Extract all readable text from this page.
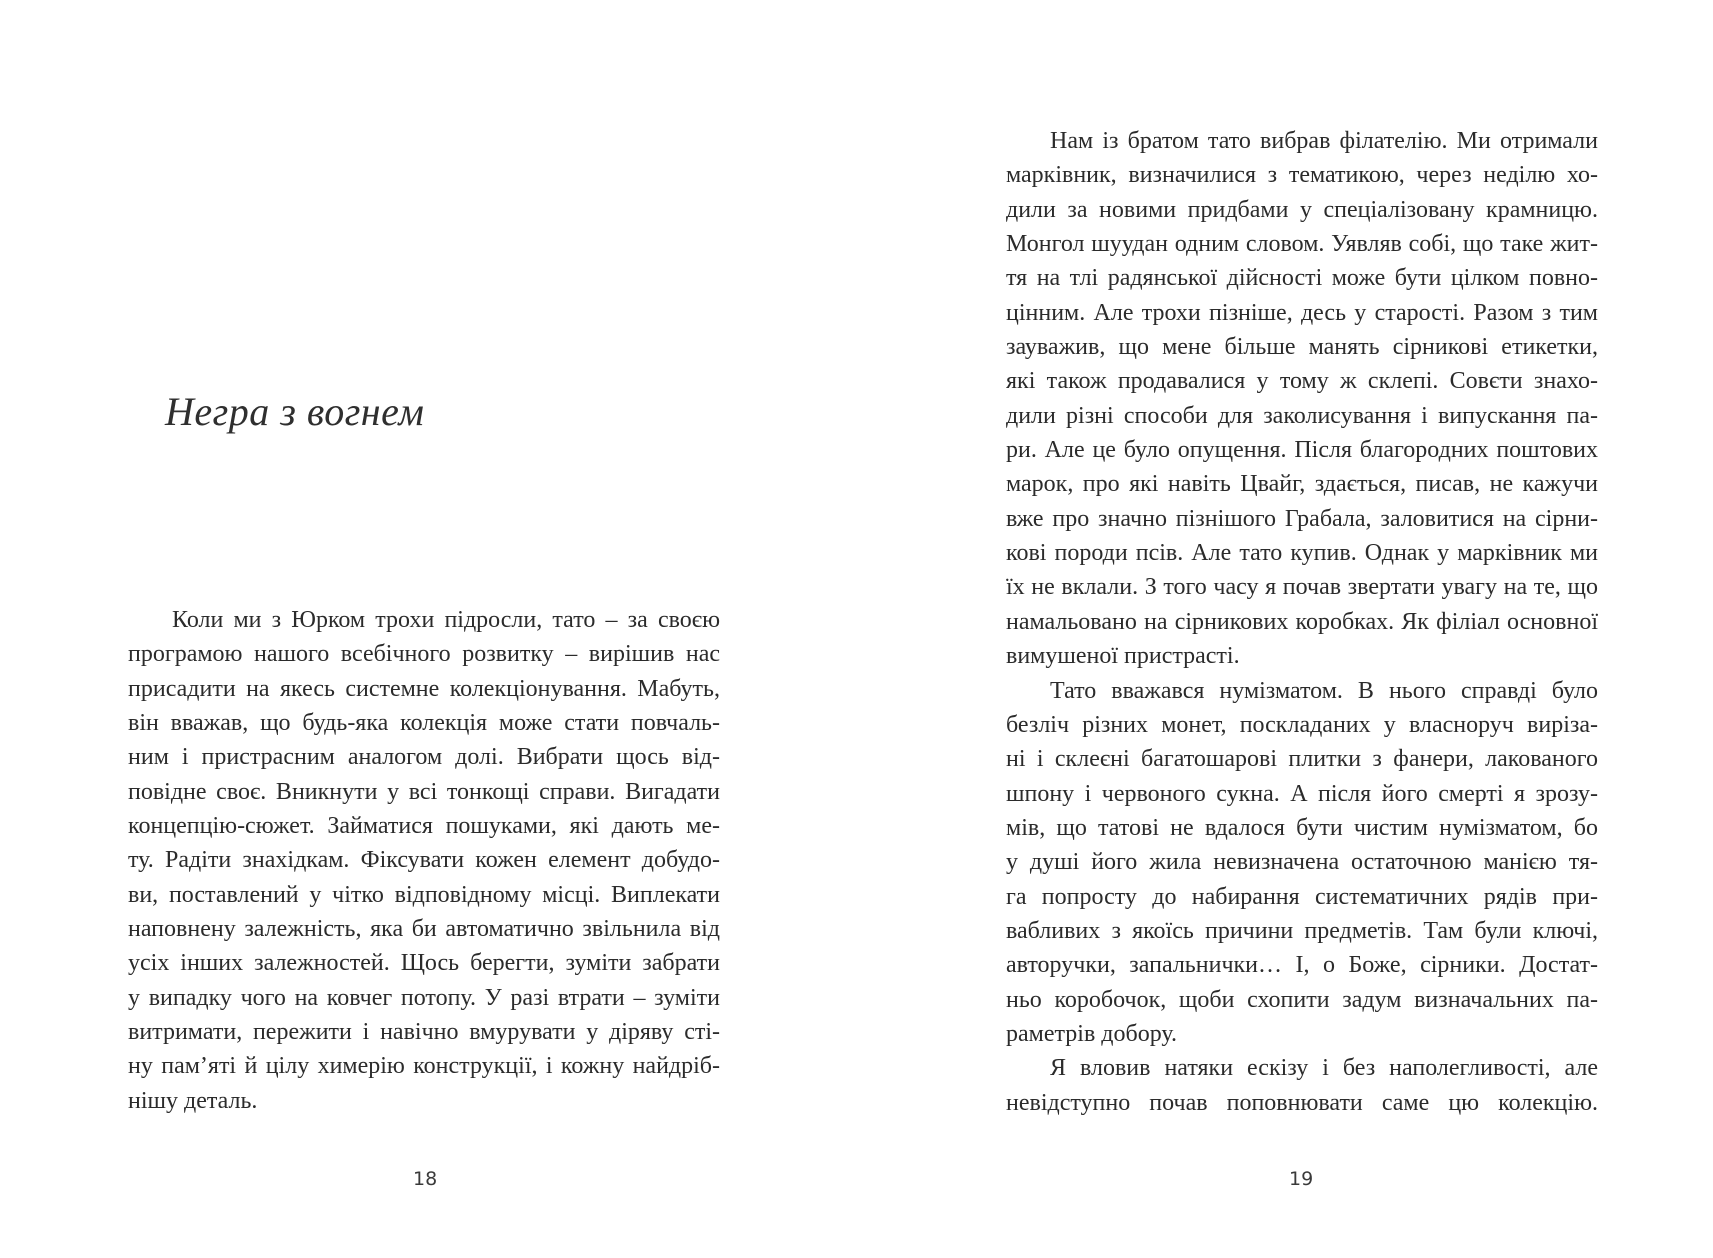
Негра з вогнем
Коли ми з Юрком трохи підросли, тато – за своєю
програмою нашого всебічного розвитку – вирішив нас
присадити на якесь системне колекціонування. Мабуть,
він вважав, що будь-яка колекція може стати повчаль-
ним і пристрасним аналогом долі. Вибрати щось від-
повідне своє. Вникнути у всі тонкощі справи. Вигадати
концепцію-сюжет. Займатися пошуками, які дають ме-
ту. Радіти знахідкам. Фіксувати кожен елемент добудо-
ви, поставлений у чітко відповідному місці. Виплекати
наповнену залежність, яка би автоматично звільнила від
усіх інших залежностей. Щось берегти, зуміти забрати
у випадку чого на ковчег потопу. У разі втрати – зуміти
витримати, пережити і навічно вмурувати у діряву сті-
ну пам’яті й цілу химерію конструкції, і кожну найдріб-
нішу деталь.

18

Нам із братом тато вибрав філателію. Ми отримали
марківник, визначилися з тематикою, через неділю хо-
дили за новими придбами у спеціалізовану крамницю.
Монгол шуудан одним словом. Уявляв собі, що таке жит-
тя на тлі радянської дійсності може бути цілком повно-
цінним. Але трохи пізніше, десь у старості. Разом з тим
зауважив, що мене більше манять сірникові етикетки,
які також продавалися у тому ж склепі. Совєти знахо-
дили різні способи для заколисування і випускання па-
ри. Але це було опущення. Після благородних поштових
марок, про які навіть Цвайг, здається, писав, не кажучи
вже про значно пізнішого Грабала, заловитися на сірни-
кові породи псів. Але тато купив. Однак у марківник ми
їх не вклали. З того часу я почав звертати увагу на те, що
намальовано на сірникових коробках. Як філіал основної
вимушеної пристрасті.
Тато вважався нумізматом. В нього справді було
безліч різних монет, поскладаних у власноруч вирізa-
ні і склеєні багатошарові плитки з фанери, лакованого
шпону і червоного сукна. А після його смерті я зрозу-
мів, що татові не вдалося бути чистим нумізматом, бо
у душі його жила невизначена остаточною манією тя-
га попросту до набирання систематичних рядів при-
вабливих з якоїсь причини предметів. Там були ключі,
авторучки, запальнички… І, о Боже, сірники. Достат-
ньо коробочок, щоби схопити задум визначальних па-
раметрів добору.
Я вловив натяки ескізу і без наполегливості, але
невідступно почав поповнювати саме цю колекцію.

19
